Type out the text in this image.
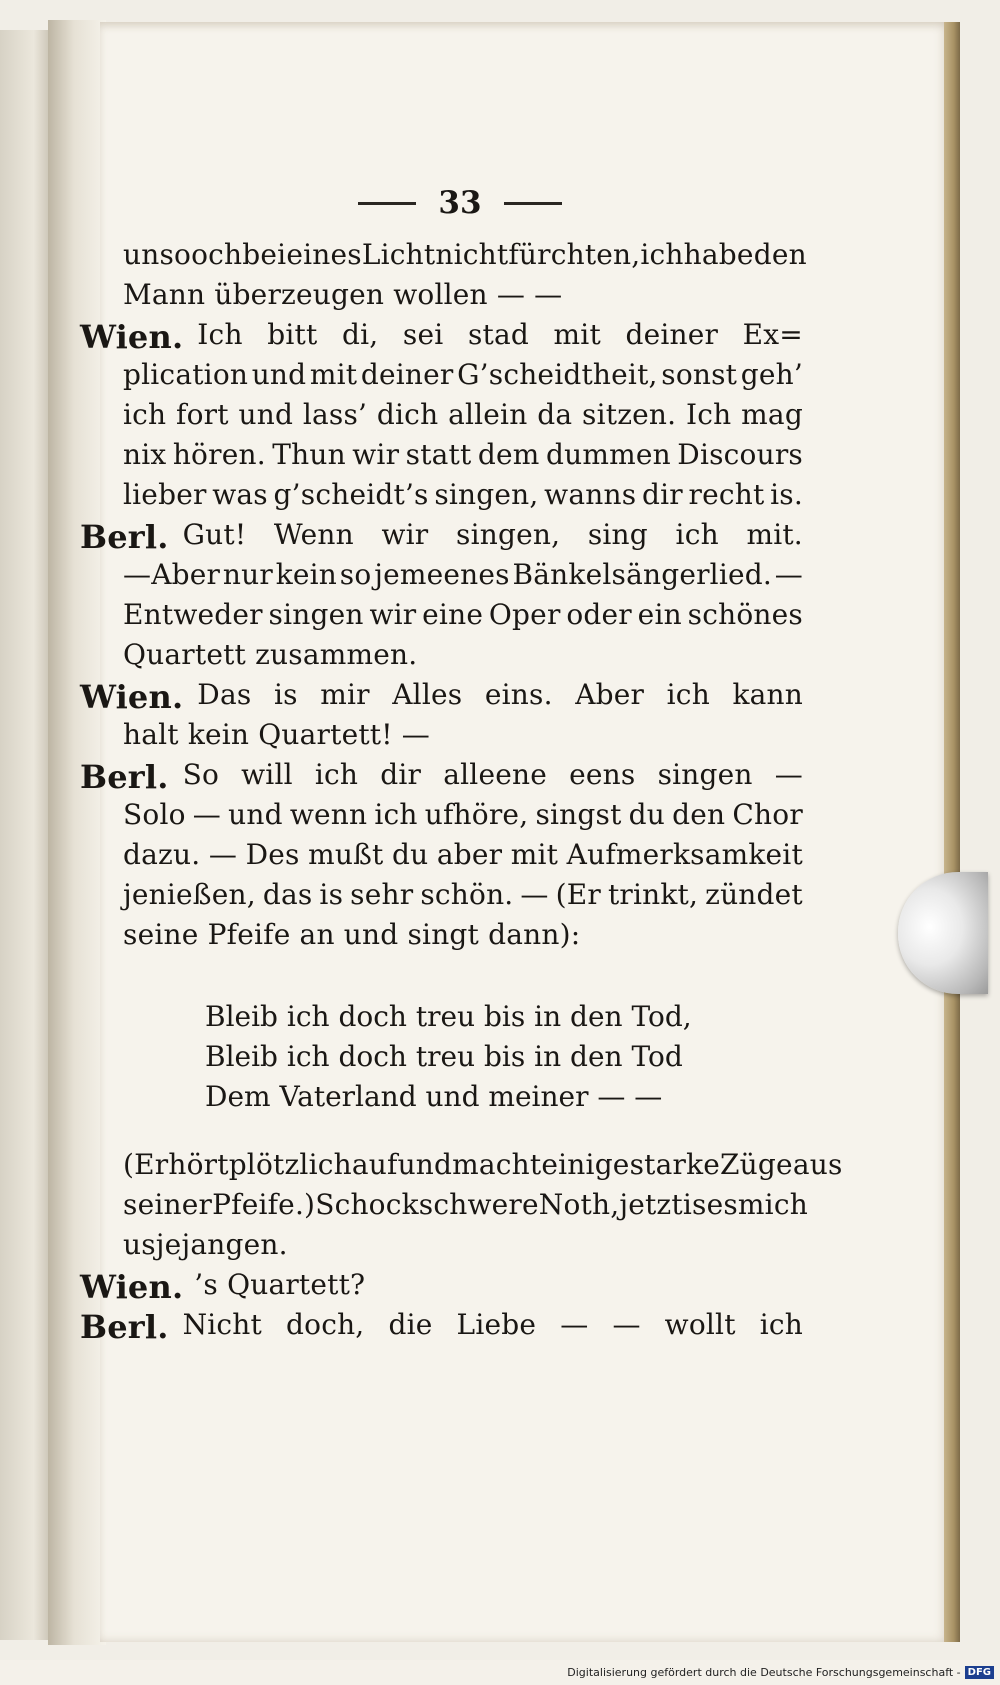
33
uns ooch bei eines Licht nicht fürchten, ich habe den
Mann überzeugen wollen — —
Wien. Ich bitt di, sei stad mit deiner Ex=
plication und mit deiner G’scheidtheit, sonst geh’
ich fort und lass’ dich allein da sitzen. Ich mag
nix hören. Thun wir statt dem dummen Discours
lieber was g’scheidt’s singen, wanns dir recht is.
Berl. Gut! Wenn wir singen, sing ich mit.
—Aber nur kein so jemeenes Bänkelsängerlied. —
Entweder singen wir eine Oper oder ein schönes
Quartett zusammen.
Wien. Das is mir Alles eins. Aber ich kann
halt kein Quartett! —
Berl. So will ich dir alleene eens singen —
Solo — und wenn ich ufhöre, singst du den Chor
dazu. — Des mußt du aber mit Aufmerksamkeit
jenießen, das is sehr schön. — (Er trinkt, zündet
seine Pfeife an und singt dann):
Bleib ich doch treu bis in den Tod,
Bleib ich doch treu bis in den Tod
Dem Vaterland und meiner — —
(Er hört plötzlich auf und macht einige starke Züge aus
seiner Pfeife.) Schock schwere Noth, jetzt is es mich
usjejangen.
Wien. ’s Quartett?
Berl. Nicht doch, die Liebe — — wollt ich
Digitalisierung gefördert durch die Deutsche Forschungsgemeinschaft - DFG
